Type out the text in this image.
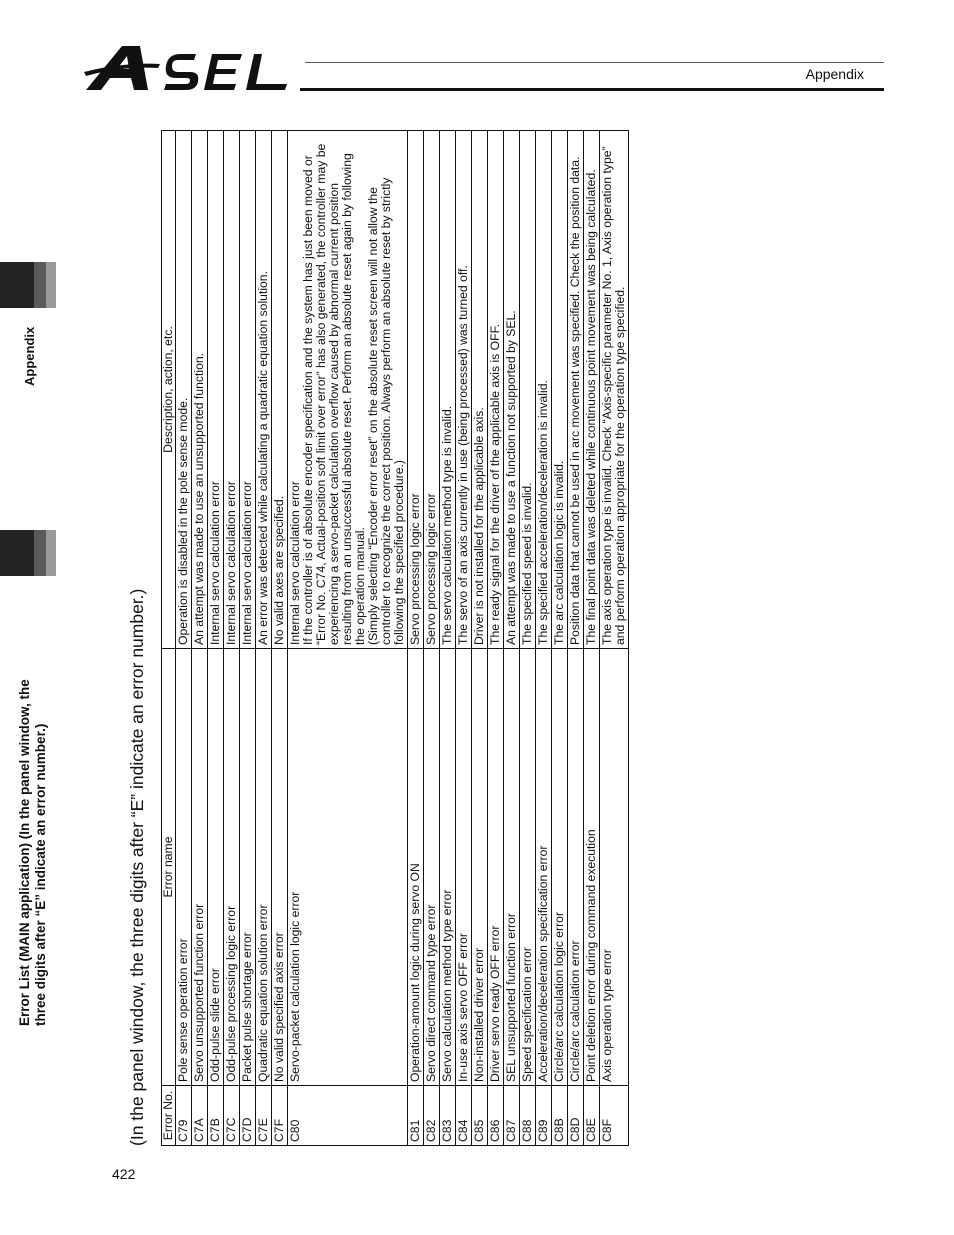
Appendix
Error List (MAIN application) (In the panel window, the three digits after “E” indicate an error number.)
Appendix
(In the panel window, the three digits after “E” indicate an error number.) Error No.	Error name	Description, action, etc.
C79	Pole sense operation error	Operation is disabled in the pole sense mode.
C7A	Servo unsupported function error	An attempt was made to use an unsupported function.
C7B	Odd-pulse slide error	Internal servo calculation error
C7C	Odd-pulse processing logic error	Internal servo calculation error
C7D	Packet pulse shortage error	Internal servo calculation error
C7E	Quadratic equation solution error	An error was detected while calculating a quadratic equation solution.
C7F	No valid specified axis error	No valid axes are specified.
C80	Servo-packet calculation logic error	Internal servo calculation error
If the controller is of absolute encoder specification and the system has just been moved or “Error No. C74, Actual-position soft limit over error” has also generated, the controller may be experiencing a servo-packet calculation overflow caused by abnormal current position resulting from an unsuccessful absolute reset. Perform an absolute reset again by following the operation manual.
(Simply selecting “Encoder error reset” on the absolute reset screen will not allow the controller to recognize the correct position. Always perform an absolute reset by strictly following the specified procedure.)
C81	Operation-amount logic during servo ON	Servo processing logic error
C82	Servo direct command type error	Servo processing logic error
C83	Servo calculation method type error	The servo calculation method type is invalid.
C84	In-use axis servo OFF error	The servo of an axis currently in use (being processed) was turned off.
C85	Non-installed driver error	Driver is not installed for the applicable axis.
C86	Driver servo ready OFF error	The ready signal for the driver of the applicable axis is OFF.
C87	SEL unsupported function error	An attempt was made to use a function not supported by SEL.
C88	Speed specification error	The specified speed is invalid.
C89	Acceleration/deceleration specification error	The specified acceleration/deceleration is invalid.
C8B	Circle/arc calculation logic error	The arc calculation logic is invalid.
C8D	Circle/arc calculation error	Position data that cannot be used in arc movement was specified. Check the position data.
C8E	Point deletion error during command execution	The final point data was deleted while continuous point movement was being calculated.
C8F	Axis operation type error	The axis operation type is invalid. Check “Axis-specific parameter No. 1, Axis operation type” and perform operation appropriate for the operation type specified.
422
